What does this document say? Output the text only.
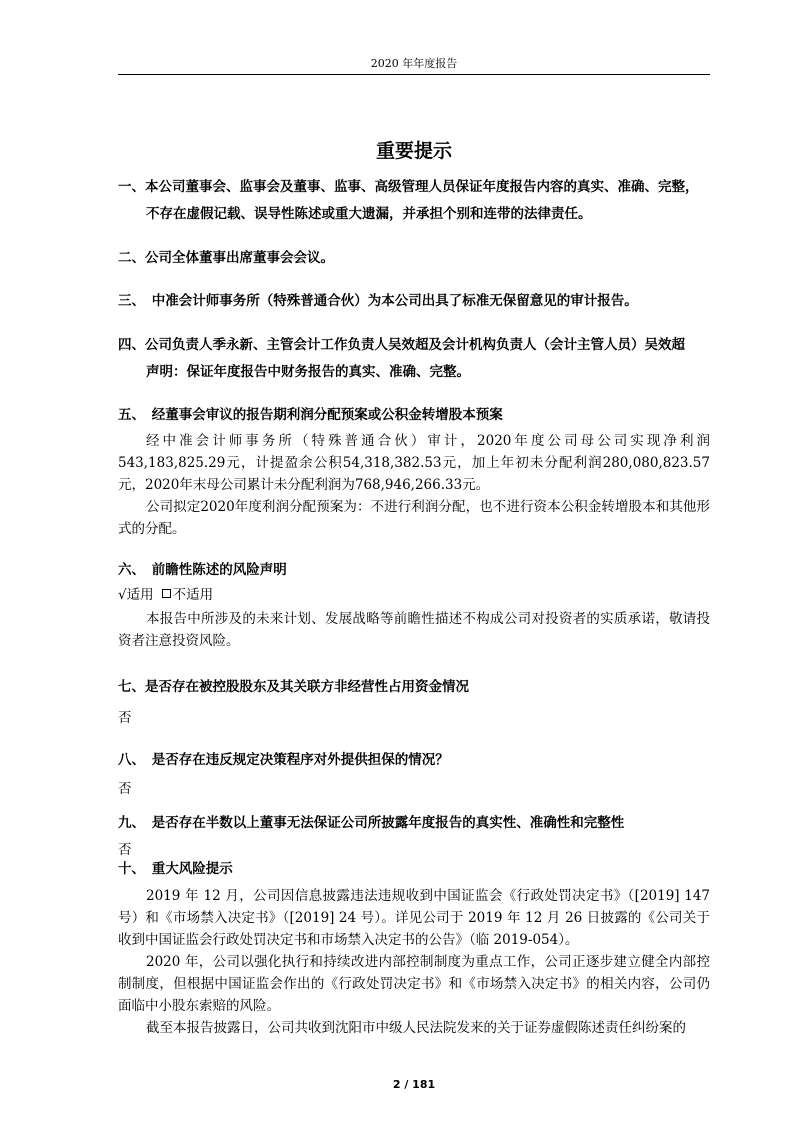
2020 年年度报告
重要提示
一、本公司董事会、监事会及董事、监事、高级管理人员保证年度报告内容的真实、准确、完整，
不存在虚假记载、误导性陈述或重大遗漏，并承担个别和连带的法律责任。
二、公司全体董事出席董事会会议。
三、　中准会计师事务所（特殊普通合伙）为本公司出具了标准无保留意见的审计报告。
四、公司负责人季永新、主管会计工作负责人吴效超及会计机构负责人（会计主管人员）吴效超
声明：保证年度报告中财务报告的真实、准确、完整。
五、　经董事会审议的报告期利润分配预案或公积金转增股本预案
经中准会计师事务所（特殊普通合伙）审计，2020年度公司母公司实现净利润543,183,825.29元，计提盈余公积54,318,382.53元，加上年初未分配利润280,080,823.57元，2020年末母公司累计未分配利润为768,946,266.33元。
公司拟定2020年度利润分配预案为：不进行利润分配，也不进行资本公积金转增股本和其他形式的分配。
六、　前瞻性陈述的风险声明
√适用 不适用
本报告中所涉及的未来计划、发展战略等前瞻性描述不构成公司对投资者的实质承诺，敬请投资者注意投资风险。
七、是否存在被控股股东及其关联方非经营性占用资金情况
否
八、　是否存在违反规定决策程序对外提供担保的情况？
否
九、　是否存在半数以上董事无法保证公司所披露年度报告的真实性、准确性和完整性
否
十、　重大风险提示
2019 年 12 月，公司因信息披露违法违规收到中国证监会《行政处罚决定书》（[2019] 147 号）和《市场禁入决定书》（[2019] 24 号）。详见公司于 2019 年 12 月 26 日披露的《公司关于收到中国证监会行政处罚决定书和市场禁入决定书的公告》（临 2019-054）。
2020 年，公司以强化执行和持续改进内部控制制度为重点工作，公司正逐步建立健全内部控制制度，但根据中国证监会作出的《行政处罚决定书》和《市场禁入决定书》的相关内容，公司仍面临中小股东索赔的风险。
截至本报告披露日，公司共收到沈阳市中级人民法院发来的关于证券虚假陈述责任纠纷案的
2 / 181
